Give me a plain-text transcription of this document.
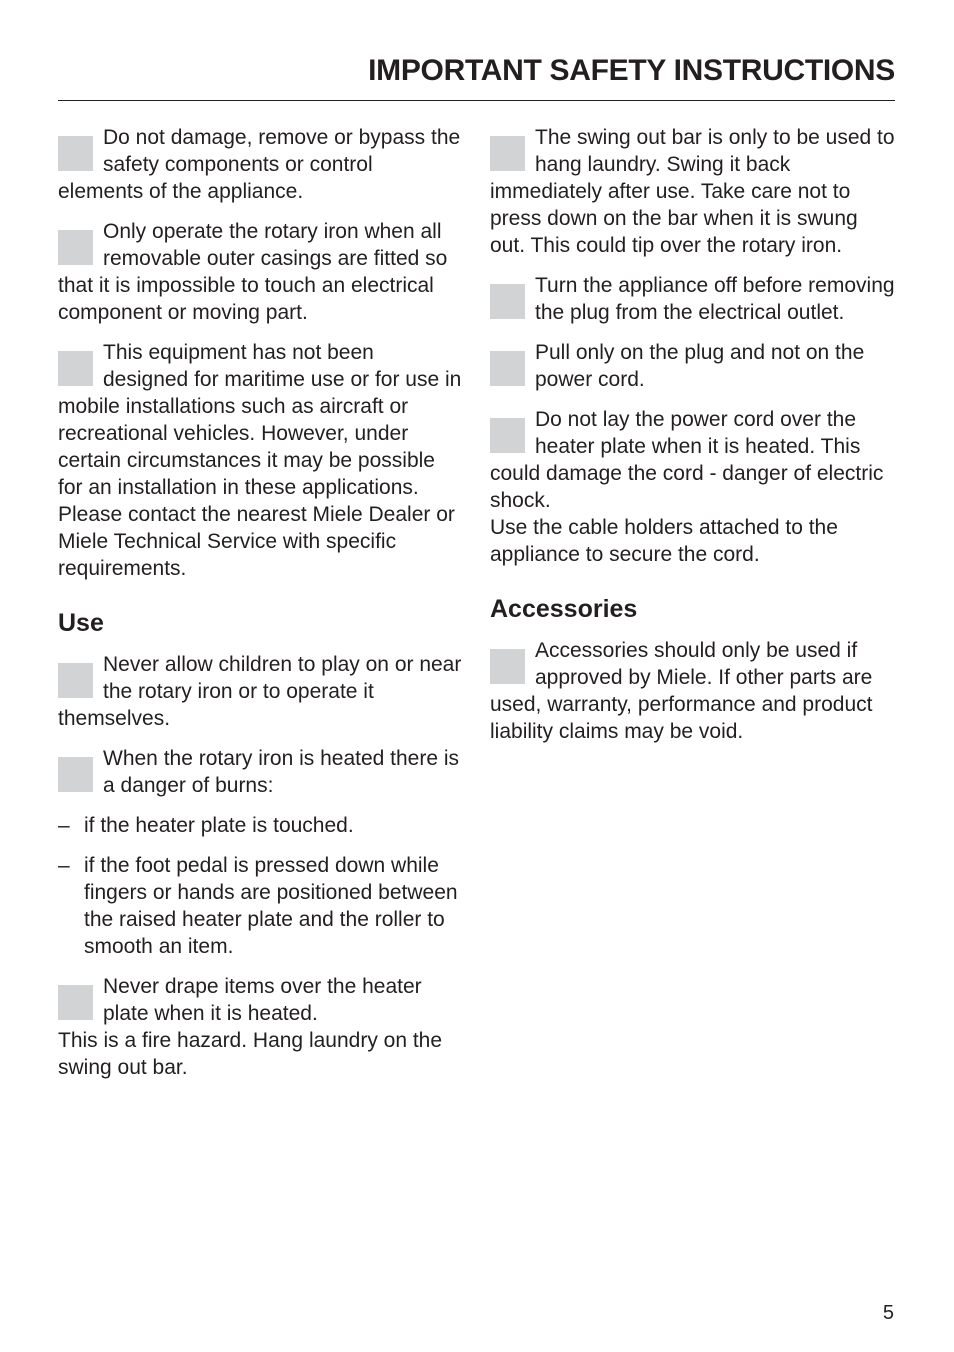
IMPORTANT SAFETY INSTRUCTIONS

Do not damage, remove or bypass the safety components or control elements of the appliance.

Only operate the rotary iron when all removable outer casings are fitted so that it is impossible to touch an electrical component or moving part.

This equipment has not been designed for maritime use or for use in mobile installations such as aircraft or recreational vehicles. However, under certain circumstances it may be possible for an installation in these applications. Please contact the nearest Miele Dealer or Miele Technical Service with specific requirements.

Use

Never allow children to play on or near the rotary iron or to operate it themselves.

When the rotary iron is heated there is a danger of burns:

– if the heater plate is touched.
– if the foot pedal is pressed down while fingers or hands are positioned between the raised heater plate and the roller to smooth an item.

Never drape items over the heater plate when it is heated.
This is a fire hazard. Hang laundry on the swing out bar.

The swing out bar is only to be used to hang laundry. Swing it back immediately after use. Take care not to press down on the bar when it is swung out. This could tip over the rotary iron.

Turn the appliance off before removing the plug from the electrical outlet.

Pull only on the plug and not on the power cord.

Do not lay the power cord over the heater plate when it is heated. This could damage the cord - danger of electric shock.
Use the cable holders attached to the appliance to secure the cord.

Accessories

Accessories should only be used if approved by Miele. If other parts are used, warranty, performance and product liability claims may be void.

5
